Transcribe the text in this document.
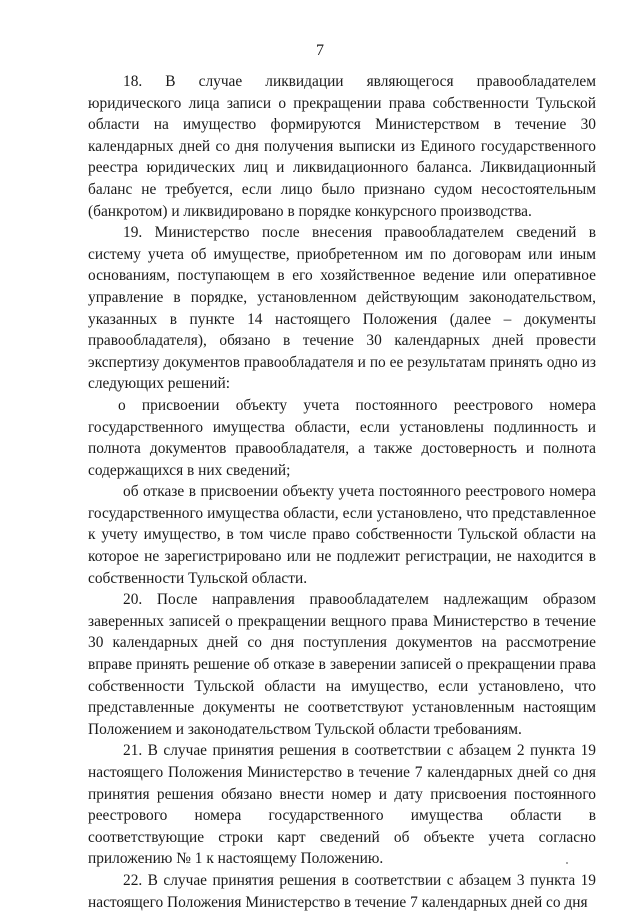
7

18. В случае ликвидации являющегося правообладателем юридического лица записи о прекращении права собственности Тульской области на имущество формируются Министерством в течение 30 календарных дней со дня получения выписки из Единого государственного реестра юридических лиц и ликвидационного баланса. Ликвидационный баланс не требуется, если лицо было признано судом несостоятельным (банкротом) и ликвидировано в порядке конкурсного производства.

19. Министерство после внесения правообладателем сведений в систему учета об имуществе, приобретенном им по договорам или иным основаниям, поступающем в его хозяйственное ведение или оперативное управление в порядке, установленном действующим законодательством, указанных в пункте 14 настоящего Положения (далее – документы правообладателя), обязано в течение 30 календарных дней провести экспертизу документов правообладателя и по ее результатам принять одно из следующих решений:

о присвоении объекту учета постоянного реестрового номера государственного имущества области, если установлены подлинность и полнота документов правообладателя, а также достоверность и полнота содержащихся в них сведений;

об отказе в присвоении объекту учета постоянного реестрового номера государственного имущества области, если установлено, что представленное к учету имущество, в том числе право собственности Тульской области на которое не зарегистрировано или не подлежит регистрации, не находится в собственности Тульской области.

20. После направления правообладателем надлежащим образом заверенных записей о прекращении вещного права Министерство в течение 30 календарных дней со дня поступления документов на рассмотрение вправе принять решение об отказе в заверении записей о прекращении права собственности Тульской области на имущество, если установлено, что представленные документы не соответствуют установленным настоящим Положением и законодательством Тульской области требованиям.

21. В случае принятия решения в соответствии с абзацем 2 пункта 19 настоящего Положения Министерство в течение 7 календарных дней со дня принятия решения обязано внести номер и дату присвоения постоянного реестрового номера государственного имущества области в соответствующие строки карт сведений об объекте учета согласно приложению № 1 к настоящему Положению.

22. В случае принятия решения в соответствии с абзацем 3 пункта 19 настоящего Положения Министерство в течение 7 календарных дней со дня
